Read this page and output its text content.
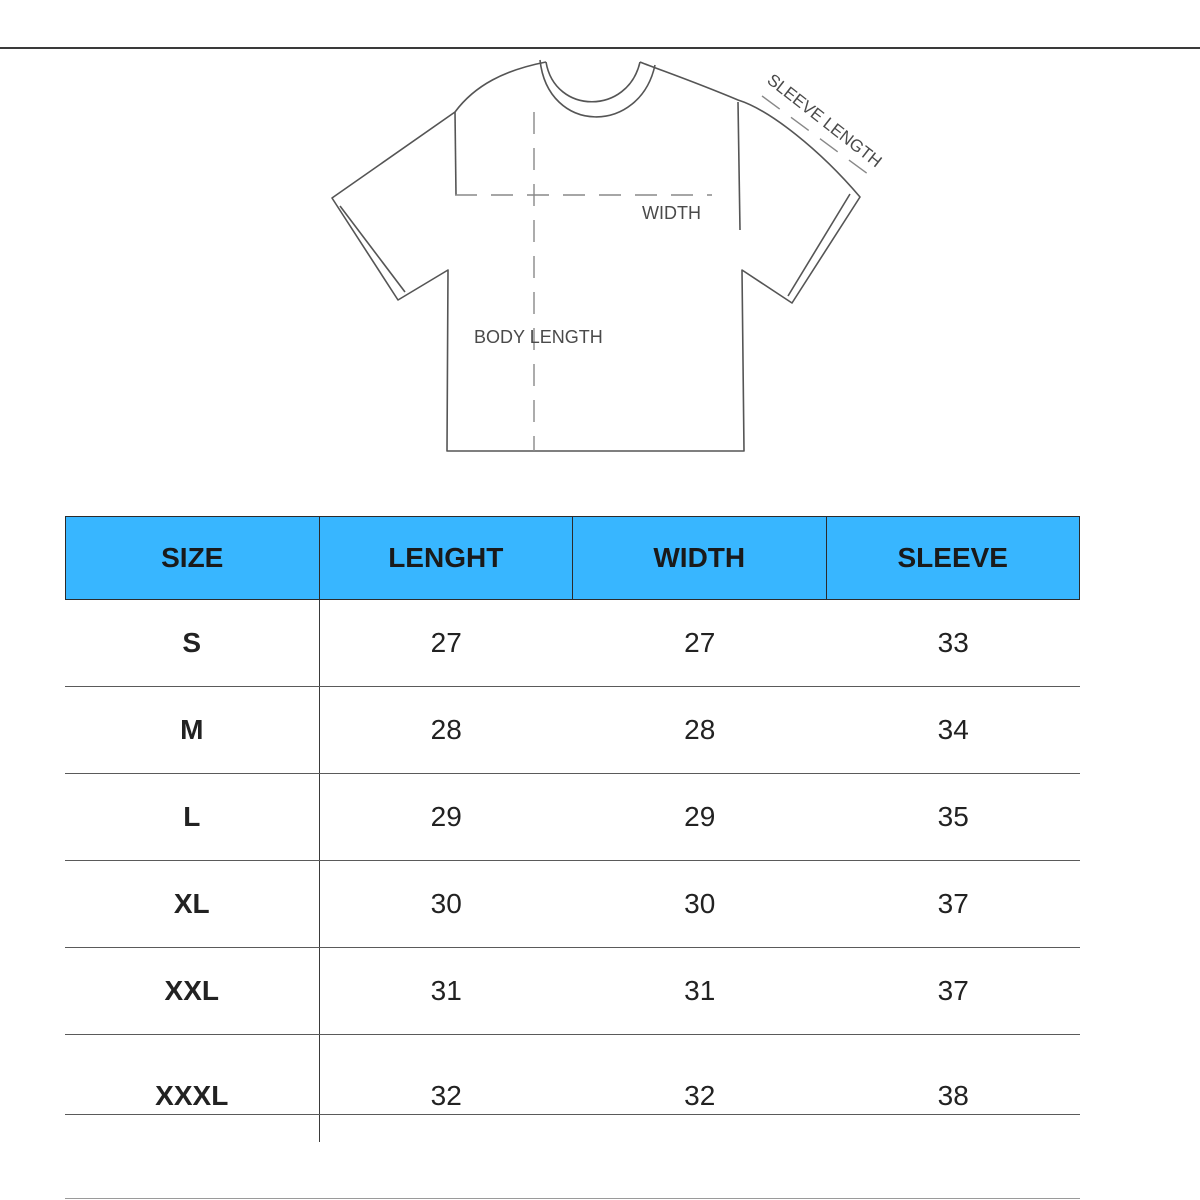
WIDTH
BODY LENGTH
SLEEVE LENGTH
SIZE	LENGHT	WIDTH	SLEEVE
S	27	27	33
M	28	28	34
L	29	29	35
XL	30	30	37
XXL	31	31	37
XXXL	32	32	38
